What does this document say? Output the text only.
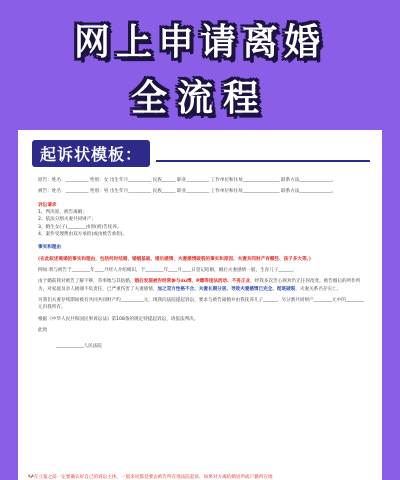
网上申请离婚
全流程
起诉状模板：

原告：姓名：__________ 性别：女 出生年月__________ 民族______ 职业__________ 工作单位和住址________________ 联系方法______________。

被告：姓名：__________ 性别：男 出生年月__________ 民族______ 职业__________ 工作单位和住址________________ 联系方法______________。

诉讼请求

1、判决原、被告离婚；

2、依法分割夫妻共同财产；

3、婚生女(子)________由原(被)告抚养。

4、案件受理费由双方承担(或由被告承担)。

事实和理由

(在此叙述离婚的事实和理由，包括何时结婚、婚姻基础、婚后感情、夫妻感情破裂的事实和原因、夫妻共同财产有哪些、孩子多大等。)

例如:我与被告于________年____月经人介绍相识，于________年____月____日登记结婚，婚后夫妻感情一般，生育儿子______。

由于婚前我对被告了解不够，草率地与其结婚，婚后发现被告经常参与du博、P嫖等违法活动、不务正业，经我多次苦心规劝仍无任何改变。被告婚后的所作所为，对家庭及亲人极端不负责任，已严重伤害了夫妻感情，加之双方性格不合、夫妻长期分居、导致夫妻感情已完全、彻底破裂，夫妻关系名存实亡。

另我们夫妻存续期间被有共同共同财产约__________元，现我向法院提起诉讼，要求与被告离婚并由我抚养儿子______，另分割共同财产________元中的________元归我所有。

根据《中华人民共和国民事诉讼法》第108条的规定特提起诉讼，请依法判决。

此致

____________人民法院

🐶在立案之前一定要确认好自己的诉讼主体，一般来说都是要去被告所在地法院起诉，如果对方离结婚居所或户籍所在地
